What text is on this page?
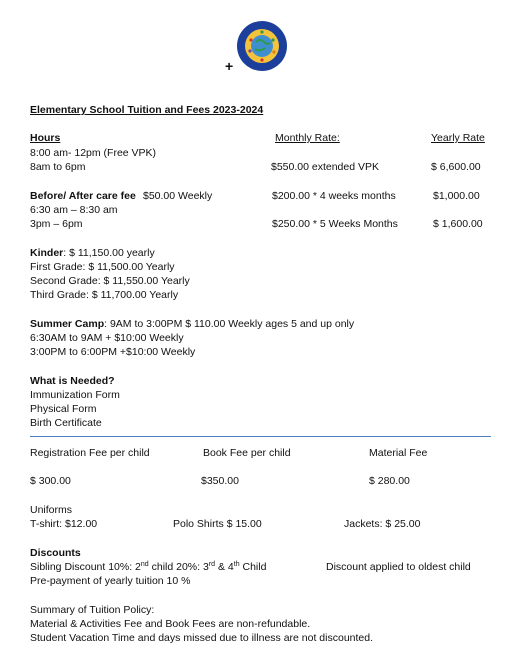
+
Elementary School Tuition and Fees 2023-2024
Hours	Monthly Rate:	Yearly Rate
8:00 am- 12pm (Free VPK)
8am to 6pm	$550.00 extended VPK	$ 6,600.00
Before/ After care fee $50.00 Weekly	$200.00 * 4 weeks months	$1,000.00
6:30 am – 8:30 am
3pm – 6pm	$250.00 * 5 Weeks Months	$ 1,600.00
Kinder: $ 11,150.00 yearly
First Grade: $ 11,500.00 Yearly
Second Grade: $ 11,550.00 Yearly
Third Grade: $ 11,700.00 Yearly
Summer Camp: 9AM to 3:00PM $ 110.00 Weekly ages 5 and up only
6:30AM to 9AM + $10:00 Weekly
3:00PM to 6:00PM +$10:00 Weekly
What is Needed?
Immunization Form
Physical Form
Birth Certificate
Registration Fee per child	Book Fee per child	Material Fee
$ 300.00	$350.00	$ 280.00
Uniforms
T-shirt: $12.00	Polo Shirts $ 15.00	Jackets: $ 25.00
Discounts
Sibling Discount 10%: 2nd child 20%: 3rd & 4th Child	Discount applied to oldest child
Pre-payment of yearly tuition 10 %
Summary of Tuition Policy:
Material & Activities Fee and Book Fees are non-refundable.
Student Vacation Time and days missed due to illness are not discounted.
